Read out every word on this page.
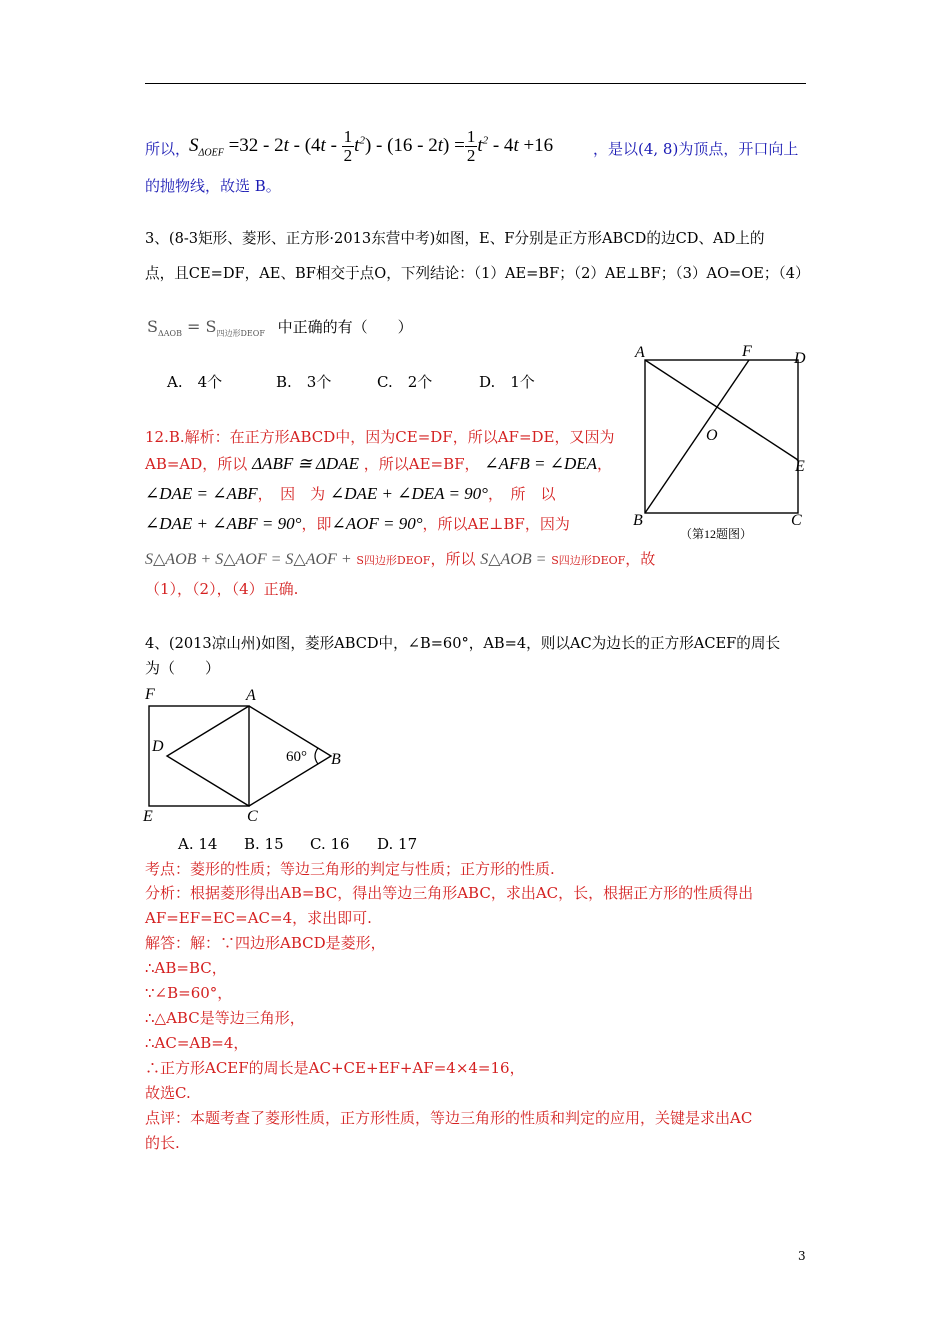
所以，
$S_{\Delta OEF} =32 - 2t - (4t - \frac{1}{2} t^2) - (16 - 2t) = \frac{1}{2} t^2 - 4t +16$	，是以(4, 8)为顶点，开口向上
的抛物线，故选 B。
3、(8-3矩形、菱形、正方形·2013东营中考)如图，E、F分别是正方形ABCD的边CD、AD上的
点，且CE=DF，AE、BF相交于点O，下列结论：（1）AE=BF；（2）AE⊥BF；（3）AO=OE；（4）
$S_{\Delta AOB} = S_{四边形DEOF}$ 中正确的有（　　）
A.　4个	B.　3个	C.　2个	D.　1个
A	F	D
O
E
B	C
（第12题图）
12.B.解析：在正方形ABCD中，因为CE=DF，所以AF=DE，又因为
AB=AD，所以 ΔABF ≅ ΔDAE ，所以AE=BF， ∠AFB = ∠DEA，
∠DAE = ∠ABF，　因　为 ∠DAE + ∠DEA = 90°，　所　以
∠DAE + ∠ABF = 90°，即∠AOF = 90°，所以AE⊥BF，因为
S△AOB + S△AOF = S△AOF + S四边形DEOF，所以 S△AOB = S四边形DEOF，故
（1），（2），（4）正确.
4、(2013凉山州)如图，菱形ABCD中，∠B=60°，AB=4，则以AC为边长的正方形ACEF的周长
为（　　）
F	A
D
60° B
E	C
A. 14 B. 15 C. 16 D. 17
考点：菱形的性质；等边三角形的判定与性质；正方形的性质.
分析：根据菱形得出AB=BC，得出等边三角形ABC，求出AC，长，根据正方形的性质得出
AF=EF=EC=AC=4，求出即可.
解答：解：∵四边形ABCD是菱形，
∴AB=BC，
∵∠B=60°，
∴△ABC是等边三角形，
∴AC=AB=4，
∴正方形ACEF的周长是AC+CE+EF+AF=4×4=16，
故选C.
点评：本题考查了菱形性质，正方形性质，等边三角形的性质和判定的应用，关键是求出AC
的长.
3
